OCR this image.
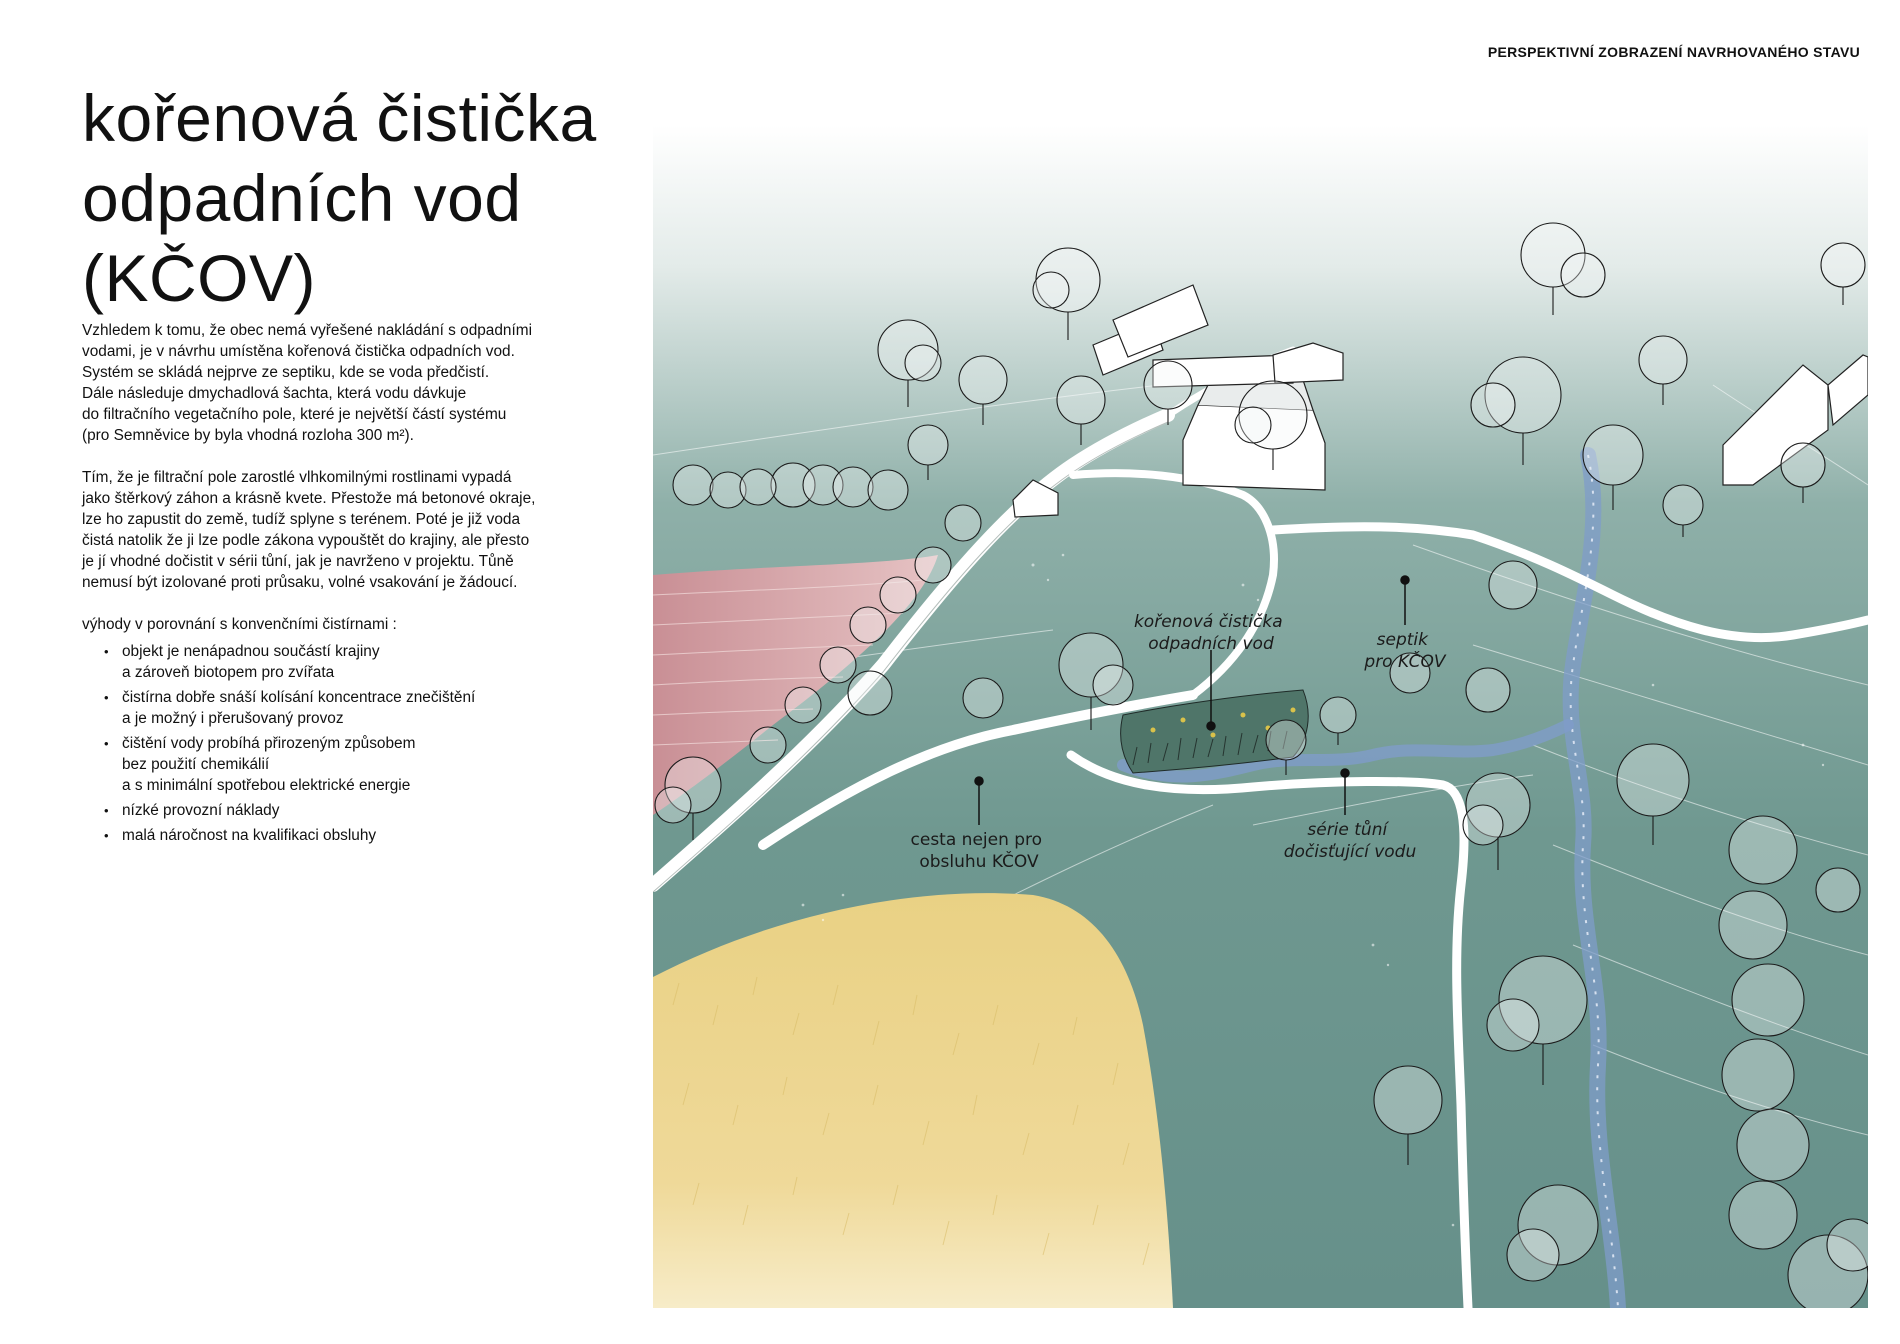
PERSPEKTIVNÍ ZOBRAZENÍ NAVRHOVANÉHO STAVU
kořenová čistička
odpadních vod
(KČOV)

Vzhledem k tomu, že obec nemá vyřešené nakládání s odpadními
vodami, je v návrhu umístěna kořenová čistička odpadních vod.
Systém se skládá nejprve ze septiku, kde se voda předčistí.
Dále následuje dmychadlová šachta, která vodu dávkuje
do filtračního vegetačního pole, které je největší částí systému
(pro Semněvice by byla vhodná rozloha 300 m²).

Tím, že je filtrační pole zarostlé vlhkomilnými rostlinami vypadá
jako štěrkový záhon a krásně kvete. Přestože má betonové okraje,
lze ho zapustit do země, tudíž splyne s terénem. Poté je již voda
čistá natolik že ji lze podle zákona vypouštět do krajiny, ale přesto
je jí vhodné dočistit v sérii tůní, jak je navrženo v projektu. Tůně
nemusí být izolované proti průsaku, volné vsakování je žádoucí.

výhody v porovnání s konvenčními čistírnami :

• objekt je nenápadnou součástí krajiny
a zároveň biotopem pro zvířata
• čistírna dobře snáší kolísání koncentrace znečištění
a je možný i přerušovaný provoz
• čištění vody probíhá přirozeným způsobem
bez použití chemikálií
a s minimální spotřebou elektrické energie
• nízké provozní náklady
• malá náročnost na kvalifikaci obsluhy
kořenová čistička odpadních vod	septik pro KČOV
cesta nejen pro obsluhu KČOV
série tůní dočisťující vodu
